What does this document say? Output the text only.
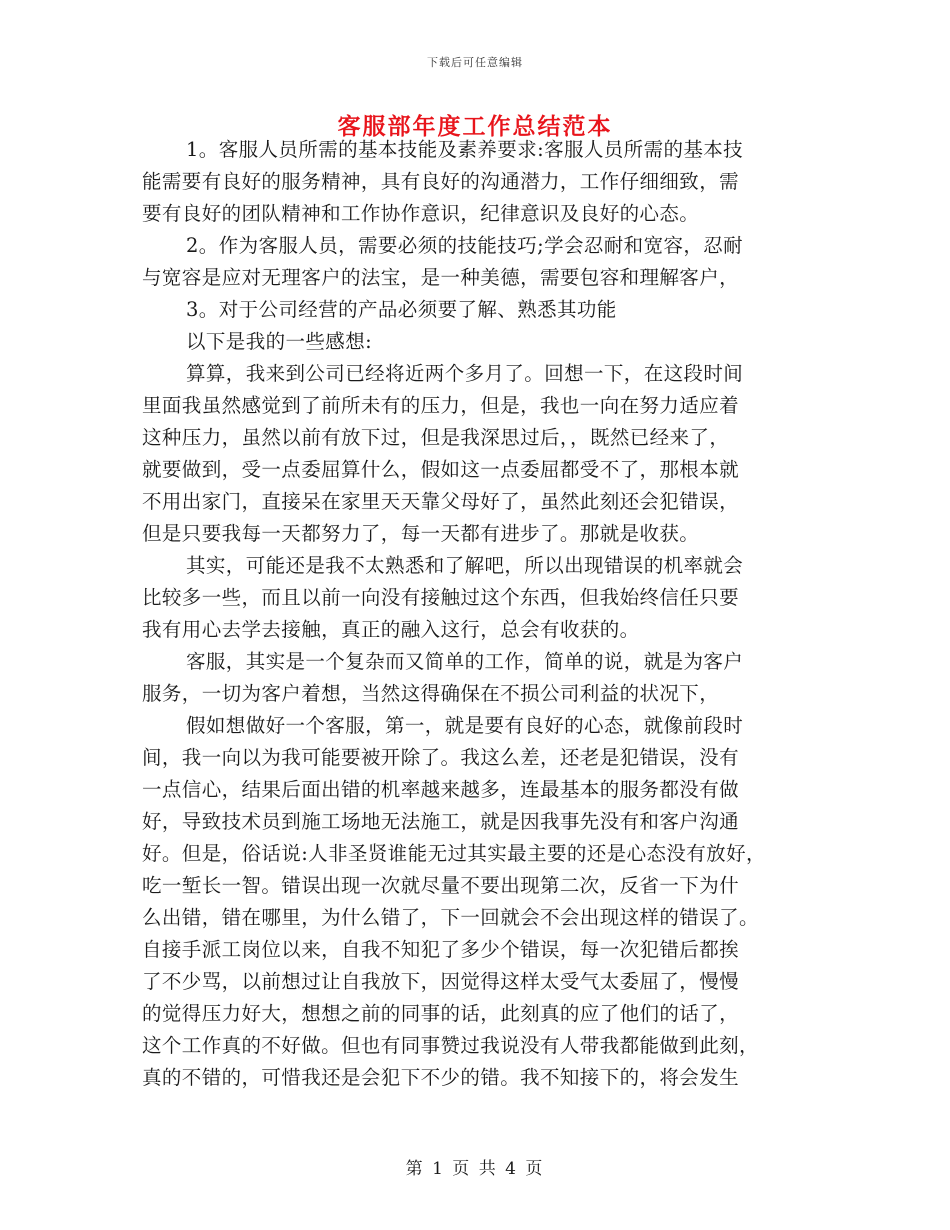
下载后可任意编辑
客服部年度工作总结范本
1。客服人员所需的基本技能及素养要求:客服人员所需的基本技
能需要有良好的服务精神，具有良好的沟通潜力，工作仔细细致，需
要有良好的团队精神和工作协作意识，纪律意识及良好的心态。
2。作为客服人员，需要必须的技能技巧;学会忍耐和宽容，忍耐
与宽容是应对无理客户的法宝，是一种美德，需要包容和理解客户，
3。对于公司经营的产品必须要了解、熟悉其功能
以下是我的一些感想:
算算，我来到公司已经将近两个多月了。回想一下，在这段时间
里面我虽然感觉到了前所未有的压力，但是，我也一向在努力适应着
这种压力，虽然以前有放下过，但是我深思过后，，既然已经来了，
就要做到，受一点委屈算什么，假如这一点委屈都受不了，那根本就
不用出家门，直接呆在家里天天靠父母好了，虽然此刻还会犯错误，
但是只要我每一天都努力了，每一天都有进步了。那就是收获。
其实，可能还是我不太熟悉和了解吧，所以出现错误的机率就会
比较多一些，而且以前一向没有接触过这个东西，但我始终信任只要
我有用心去学去接触，真正的融入这行，总会有收获的。
客服，其实是一个复杂而又简单的工作，简单的说，就是为客户
服务，一切为客户着想，当然这得确保在不损公司利益的状况下，
假如想做好一个客服，第一，就是要有良好的心态，就像前段时
间，我一向以为我可能要被开除了。我这么差，还老是犯错误，没有
一点信心，结果后面出错的机率越来越多，连最基本的服务都没有做
好，导致技术员到施工场地无法施工，就是因我事先没有和客户沟通
好。但是，俗话说:人非圣贤谁能无过其实最主要的还是心态没有放好，
吃一堑长一智。错误出现一次就尽量不要出现第二次，反省一下为什
么出错，错在哪里，为什么错了，下一回就会不会出现这样的错误了。
自接手派工岗位以来，自我不知犯了多少个错误，每一次犯错后都挨
了不少骂，以前想过让自我放下，因觉得这样太受气太委屈了，慢慢
的觉得压力好大，想想之前的同事的话，此刻真的应了他们的话了，
这个工作真的不好做。但也有同事赞过我说没有人带我都能做到此刻，
真的不错的，可惜我还是会犯下不少的错。我不知接下的，将会发生
第 1 页 共 4 页
